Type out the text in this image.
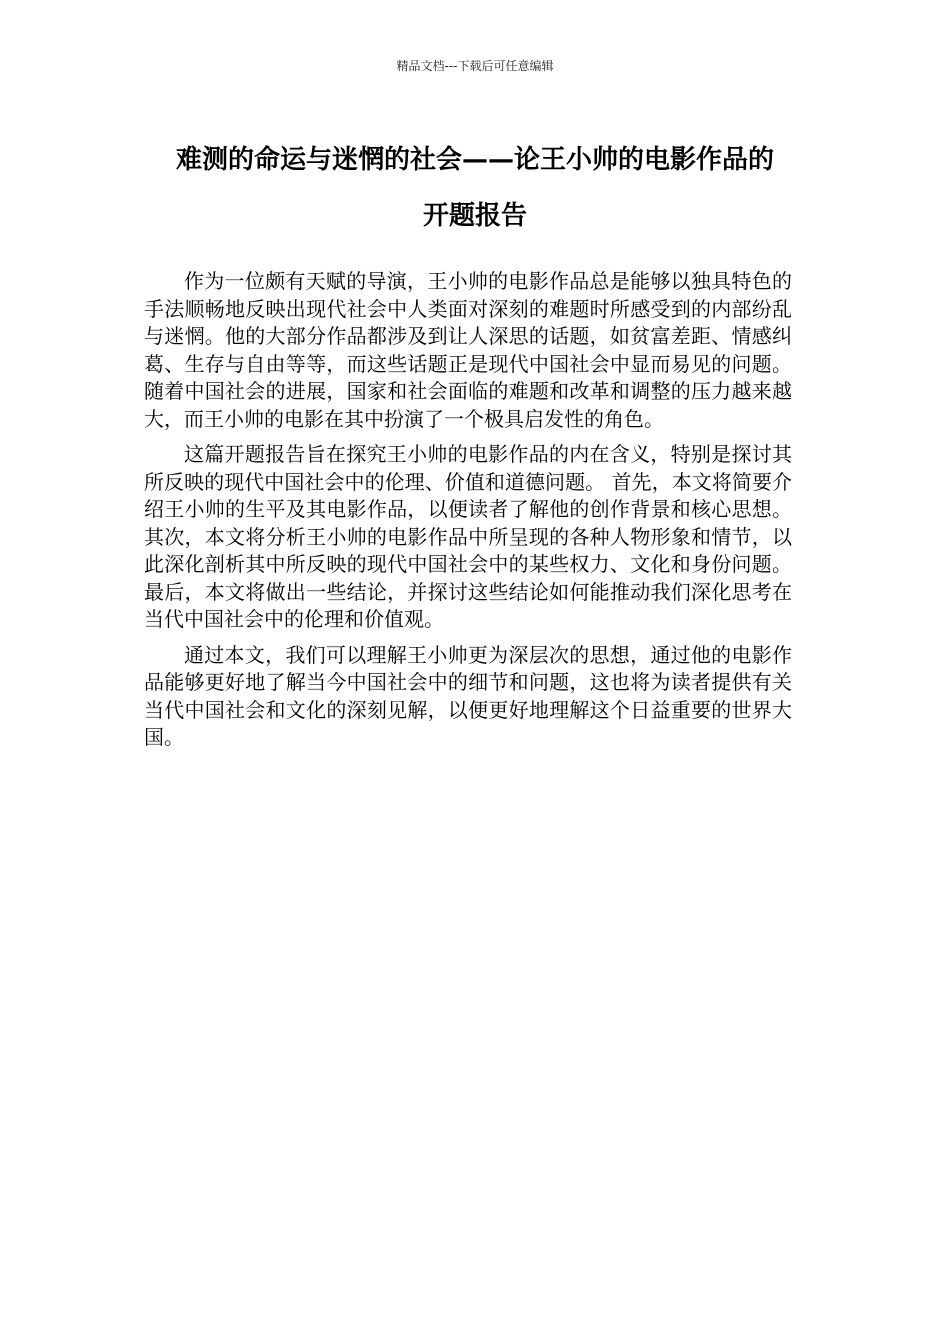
精品文档---下载后可任意编辑
难测的命运与迷惘的社会——论王小帅的电影作品的
开题报告

作为一位颇有天赋的导演，王小帅的电影作品总是能够以独具特色的手法顺畅地反映出现代社会中人类面对深刻的难题时所感受到的内部纷乱与迷惘。他的大部分作品都涉及到让人深思的话题，如贫富差距、情感纠葛、生存与自由等等，而这些话题正是现代中国社会中显而易见的问题。随着中国社会的进展，国家和社会面临的难题和改革和调整的压力越来越大，而王小帅的电影在其中扮演了一个极具启发性的角色。

这篇开题报告旨在探究王小帅的电影作品的内在含义，特别是探讨其所反映的现代中国社会中的伦理、价值和道德问题。 首先，本文将简要介绍王小帅的生平及其电影作品，以便读者了解他的创作背景和核心思想。其次，本文将分析王小帅的电影作品中所呈现的各种人物形象和情节，以此深化剖析其中所反映的现代中国社会中的某些权力、文化和身份问题。最后，本文将做出一些结论，并探讨这些结论如何能推动我们深化思考在当代中国社会中的伦理和价值观。

通过本文，我们可以理解王小帅更为深层次的思想，通过他的电影作品能够更好地了解当今中国社会中的细节和问题，这也将为读者提供有关当代中国社会和文化的深刻见解，以便更好地理解这个日益重要的世界大国。
